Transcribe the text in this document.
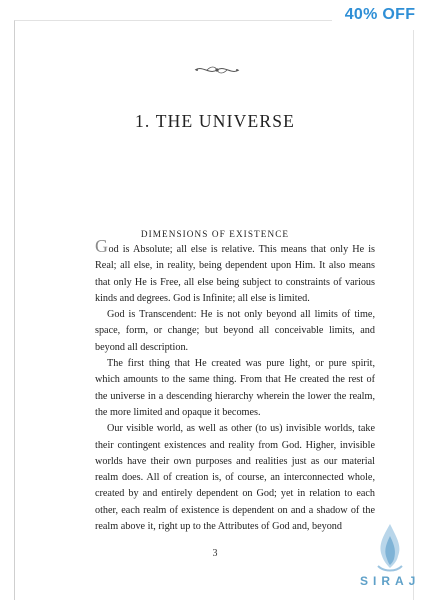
1. THE UNIVERSE
DIMENSIONS OF EXISTENCE

God is Absolute; all else is relative. This means that only He is Real; all else, in reality, being dependent upon Him. It also means that only He is Free, all else being subject to constraints of various kinds and degrees. God is Infinite; all else is limited.

God is Transcendent: He is not only beyond all limits of time, space, form, or change; but beyond all conceivable limits, and beyond all description.

The first thing that He created was pure light, or pure spirit, which amounts to the same thing. From that He created the rest of the universe in a descending hierarchy wherein the lower the realm, the more limited and opaque it becomes.

Our visible world, as well as other (to us) invisible worlds, take their contingent existences and reality from God. Higher, invisible worlds have their own purposes and realities just as our material realm does. All of creation is, of course, an interconnected whole, created by and entirely dependent on God; yet in relation to each other, each realm of existence is dependent on and a shadow of the realm above it, right up to the Attributes of God and, beyond

3
40% OFF
SIRAJ
